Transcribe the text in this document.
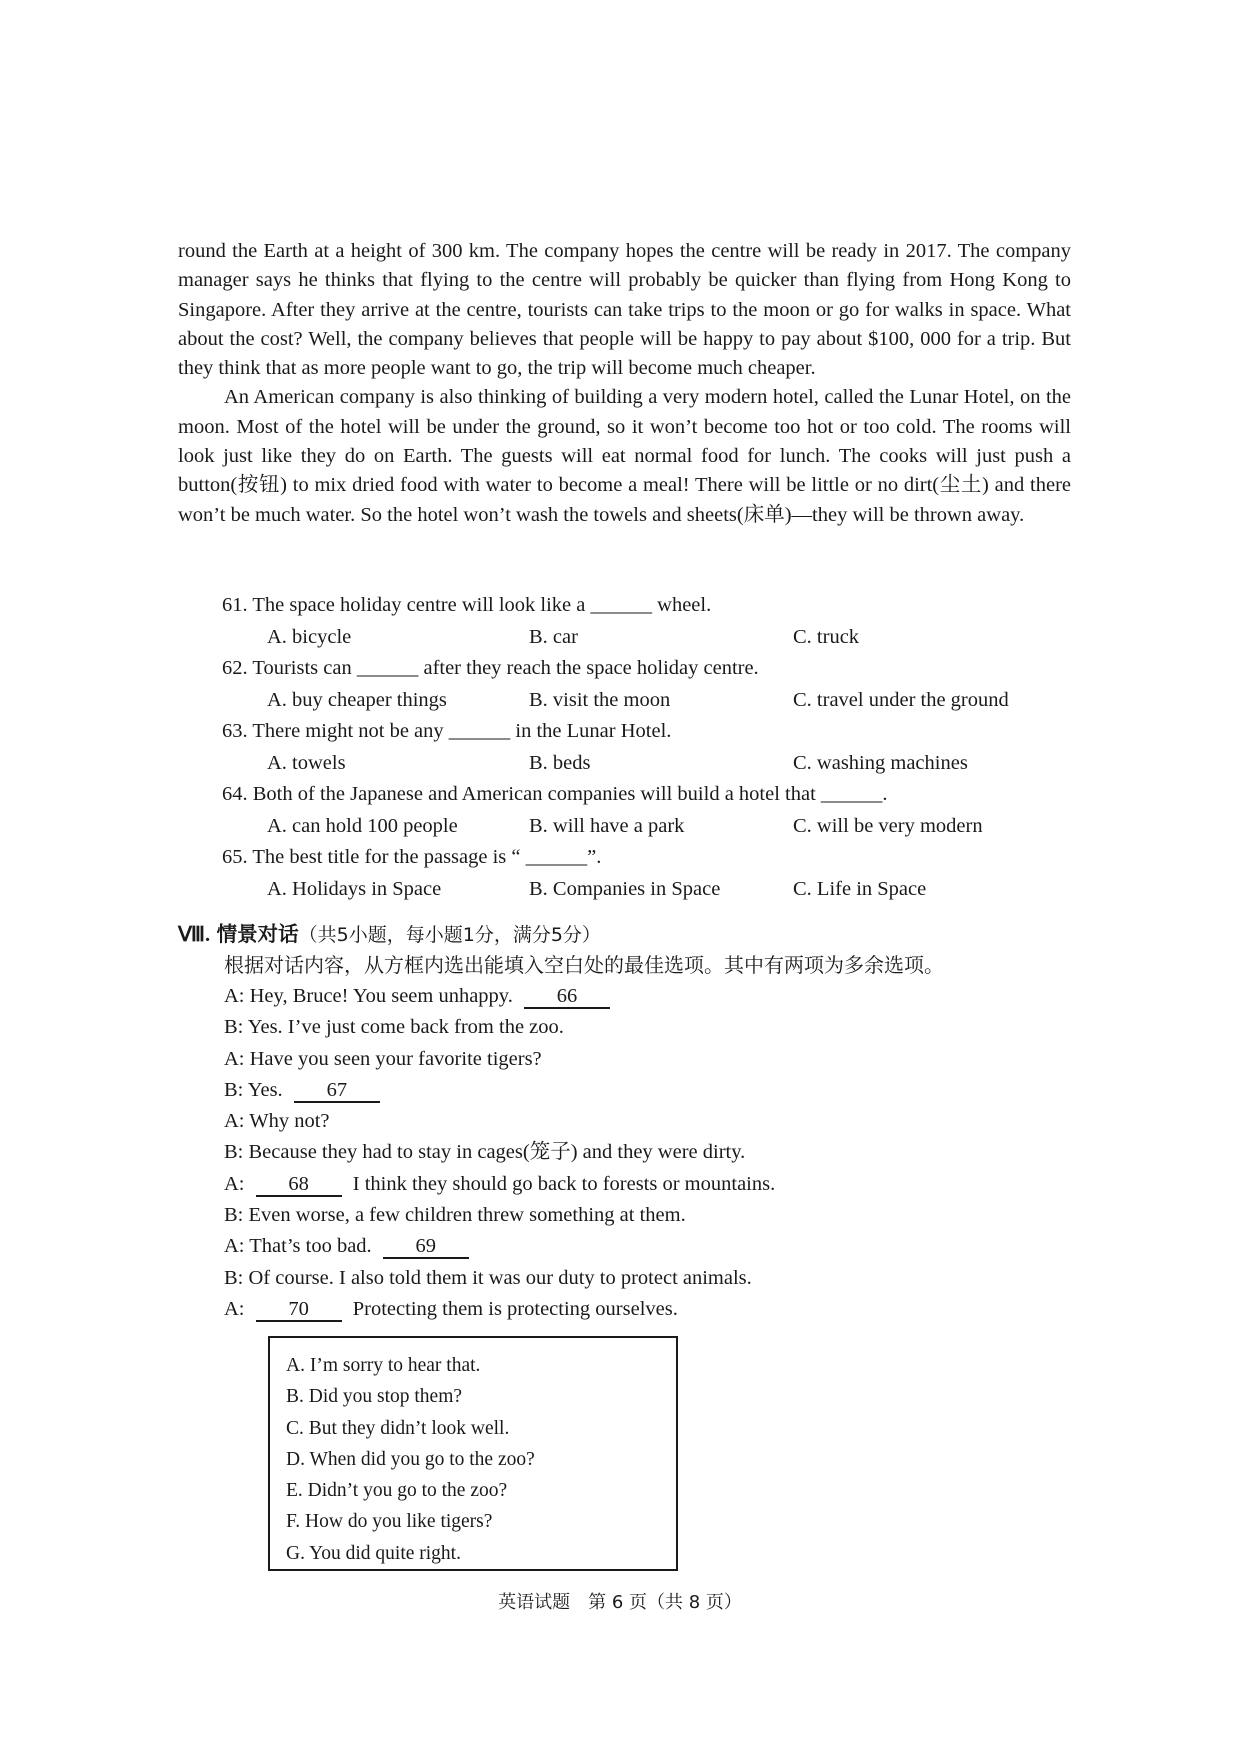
round the Earth at a height of 300 km. The company hopes the centre will be ready in 2017. The company manager says he thinks that flying to the centre will probably be quicker than flying from Hong Kong to Singapore. After they arrive at the centre, tourists can take trips to the moon or go for walks in space. What about the cost? Well, the company believes that people will be happy to pay about $100, 000 for a trip. But they think that as more people want to go, the trip will become much cheaper.

An American company is also thinking of building a very modern hotel, called the Lunar Hotel, on the moon. Most of the hotel will be under the ground, so it won’t become too hot or too cold. The rooms will look just like they do on Earth. The guests will eat normal food for lunch. The cooks will just push a button(按钮) to mix dried food with water to become a meal! There will be little or no dirt(尘土) and there won’t be much water. So the hotel won’t wash the towels and sheets(床单)—they will be thrown away.

61. The space holiday centre will look like a ______ wheel.
A. bicycle	B. car	C. truck
62. Tourists can ______ after they reach the space holiday centre.
A. buy cheaper things	B. visit the moon	C. travel under the ground
63. There might not be any ______ in the Lunar Hotel.
A. towels	B. beds	C. washing machines
64. Both of the Japanese and American companies will build a hotel that ______.
A. can hold 100 people	B. will have a park	C. will be very modern
65. The best title for the passage is “ ______”.
A. Holidays in Space	B. Companies in Space	C. Life in Space
Ⅷ. 情景对话（共5小题，每小题1分，满分5分）
根据对话内容，从方框内选出能填入空白处的最佳选项。其中有两项为多余选项。
A: Hey, Bruce! You seem unhappy. 66
B: Yes. I’ve just come back from the zoo.
A: Have you seen your favorite tigers?
B: Yes. 67
A: Why not?
B: Because they had to stay in cages(笼子) and they were dirty.
A: 68 I think they should go back to forests or mountains.
B: Even worse, a few children threw something at them.
A: That’s too bad. 69
B: Of course. I also told them it was our duty to protect animals.
A: 70 Protecting them is protecting ourselves.
A. I’m sorry to hear that.
B. Did you stop them?
C. But they didn’t look well.
D. When did you go to the zoo?
E. Didn’t you go to the zoo?
F. How do you like tigers?
G. You did quite right.
英语试题　第 6 页（共 8 页）
